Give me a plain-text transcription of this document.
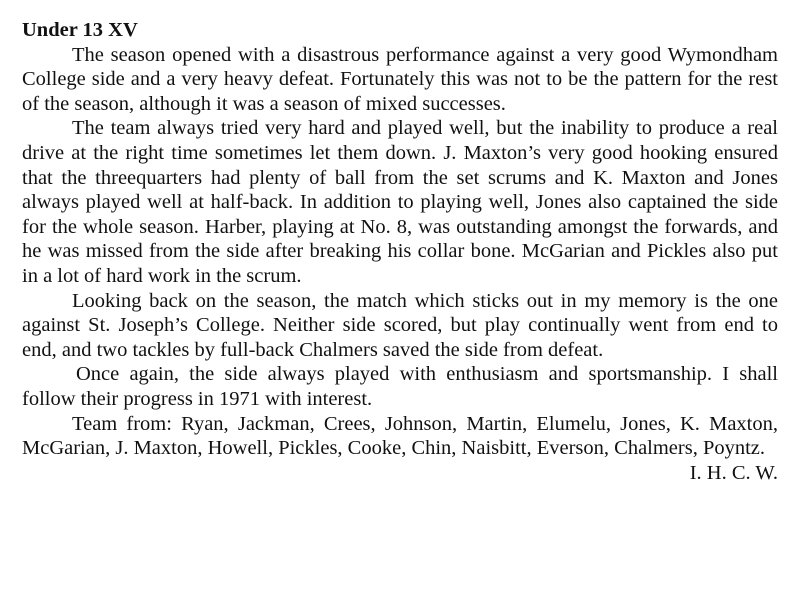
Under 13 XV

The season opened with a disastrous performance against a very good Wymondham College side and a very heavy defeat. Fortunately this was not to be the pattern for the rest of the season, although it was a season of mixed successes.

The team always tried very hard and played well, but the inability to produce a real drive at the right time sometimes let them down. J. Maxton’s very good hooking ensured that the threequarters had plenty of ball from the set scrums and K. Maxton and Jones always played well at half-back. In addition to playing well, Jones also captained the side for the whole season. Harber, playing at No. 8, was outstanding amongst the forwards, and he was missed from the side after breaking his collar bone. McGarian and Pickles also put in a lot of hard work in the scrum.

Looking back on the season, the match which sticks out in my memory is the one against St. Joseph’s College. Neither side scored, but play continually went from end to end, and two tackles by full-back Chalmers saved the side from defeat.

Once again, the side always played with enthusiasm and sportsmanship. I shall follow their progress in 1971 with interest.

Team from: Ryan, Jackman, Crees, Johnson, Martin, Elumelu, Jones, K. Maxton, McGarian, J. Maxton, Howell, Pickles, Cooke, Chin, Naisbitt, Everson, Chalmers, Poyntz.

I. H. C. W.
